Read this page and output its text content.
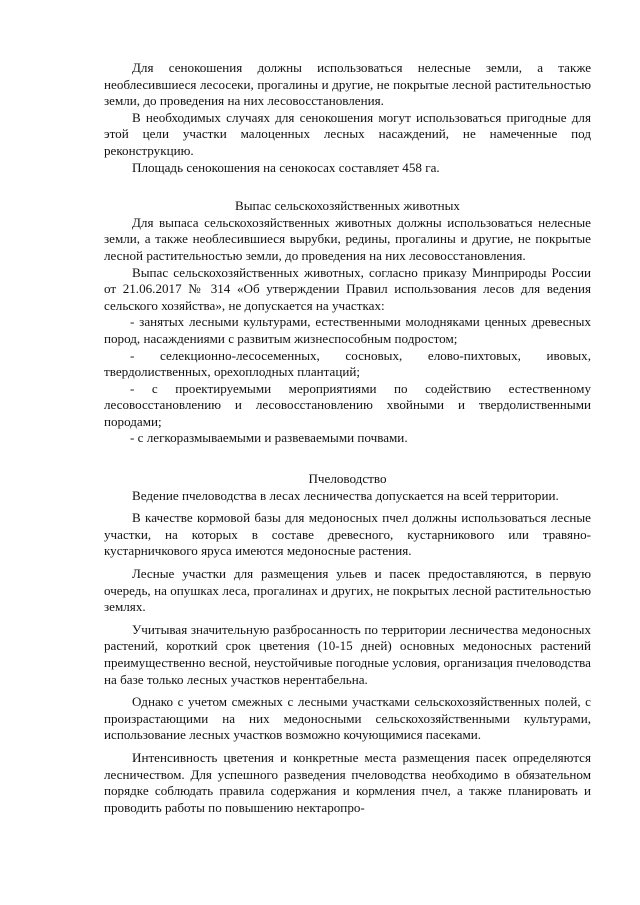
Для сенокошения должны использоваться нелесные земли, а также необлесившиеся лесосеки, прогалины и другие, не покрытые лесной растительностью земли, до проведения на них лесовосстановления.

В необходимых случаях для сенокошения могут использоваться пригодные для этой цели участки малоценных лесных насаждений, не намеченные под реконструкцию.

Площадь сенокошения на сенокосах составляет 458 га.

Выпас сельскохозяйственных животных

Для выпаса сельскохозяйственных животных должны использоваться нелесные земли, а также необлесившиеся вырубки, редины, прогалины и другие, не покрытые лесной растительностью земли, до проведения на них лесовосстановления.

Выпас сельскохозяйственных животных, согласно приказу Минприроды России от 21.06.2017 № 314 «Об утверждении Правил использования лесов для ведения сельского хозяйства», не допускается на участках:

- занятых лесными культурами, естественными молодняками ценных древесных пород, насаждениями с развитым жизнеспособным подростом;

- селекционно-лесосеменных, сосновых, елово-пихтовых, ивовых, твердолиственных, орехоплодных плантаций;

- с проектируемыми мероприятиями по содействию естественному лесовосстановлению и лесовосстановлению хвойными и твердолиственными породами;

- с легкоразмываемыми и развеваемыми почвами.

Пчеловодство

Ведение пчеловодства в лесах лесничества допускается на всей территории.

В качестве кормовой базы для медоносных пчел должны использоваться лесные участки, на которых в составе древесного, кустарникового или травяно-кустарничкового яруса имеются медоносные растения.

Лесные участки для размещения ульев и пасек предоставляются, в первую очередь, на опушках леса, прогалинах и других, не покрытых лесной растительностью землях.

Учитывая значительную разбросанность по территории лесничества медоносных растений, короткий срок цветения (10-15 дней) основных медоносных растений преимущественно весной, неустойчивые погодные условия, организация пчеловодства на базе только лесных участков нерентабельна.

Однако с учетом смежных с лесными участками сельскохозяйственных полей, с произрастающими на них медоносными сельскохозяйственными культурами, использование лесных участков возможно кочующимися пасеками.

Интенсивность цветения и конкретные места размещения пасек определяются лесничеством. Для успешного разведения пчеловодства необходимо в обязательном порядке соблюдать правила содержания и кормления пчел, а также планировать и проводить работы по повышению нектаропро-
